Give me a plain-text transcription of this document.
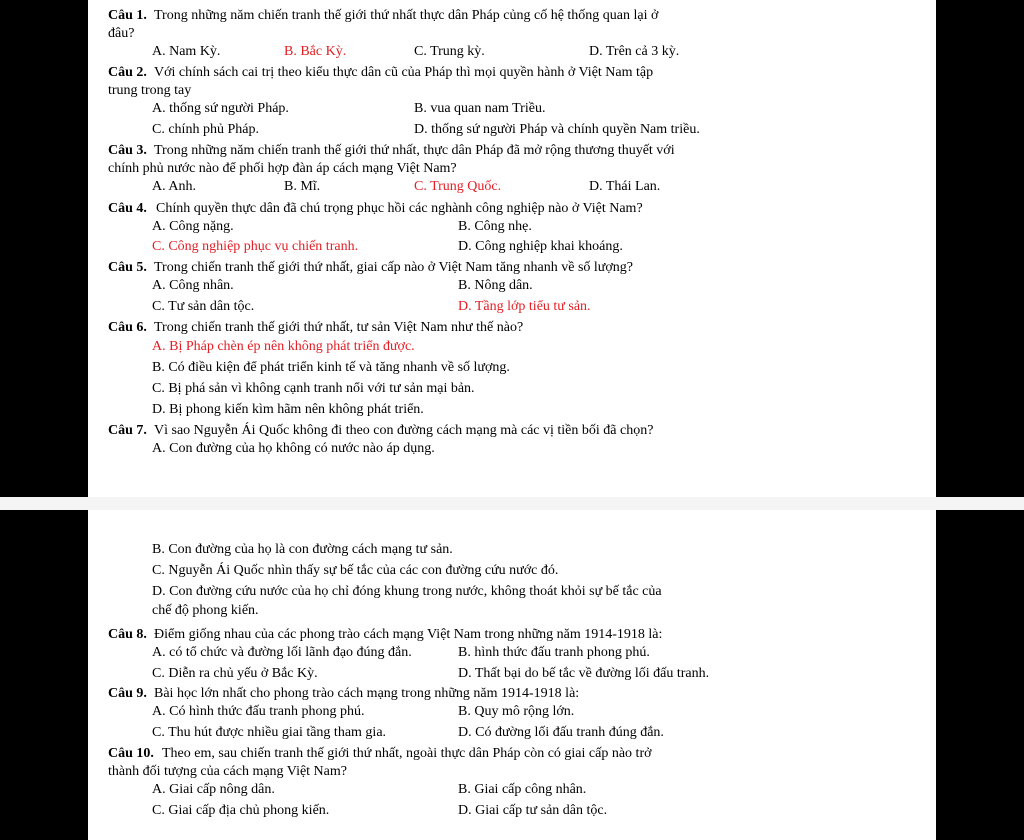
Câu 1. Trong những năm chiến tranh thế giới thứ nhất thực dân Pháp củng cố hệ thống quan lại ở
đâu?
A. Nam Kỳ.	B. Bắc Kỳ.	C. Trung kỳ.	D. Trên cả 3 kỳ.
Câu 2. Với chính sách cai trị theo kiểu thực dân cũ của Pháp thì mọi quyền hành ở Việt Nam tập
trung trong tay
A. thống sứ người Pháp.	B. vua quan nam Triều.
C. chính phủ Pháp.	D. thống sứ người Pháp và chính quyền Nam triều.
Câu 3. Trong những năm chiến tranh thế giới thứ nhất, thực dân Pháp đã mở rộng thương thuyết với
chính phủ nước nào để phối hợp đàn áp cách mạng Việt Nam?
A. Anh.	B. Mĩ.	C. Trung Quốc.	D. Thái Lan.
Câu 4. Chính quyền thực dân đã chú trọng phục hồi các nghành công nghiệp nào ở Việt Nam?
A. Công nặng.	B. Công nhẹ.
C. Công nghiệp phục vụ chiến tranh.	D. Công nghiệp khai khoáng.
Câu 5. Trong chiến tranh thế giới thứ nhất, giai cấp nào ở Việt Nam tăng nhanh về số lượng?
A. Công nhân.	B. Nông dân.
C. Tư sản dân tộc.	D. Tầng lớp tiểu tư sản.
Câu 6. Trong chiến tranh thế giới thứ nhất, tư sản Việt Nam như thế nào?
A. Bị Pháp chèn ép nên không phát triển được.
B. Có điều kiện để phát triển kinh tế và tăng nhanh về số lượng.
C. Bị phá sản vì không cạnh tranh nổi với tư sản mại bản.
D. Bị phong kiến kìm hãm nên không phát triển.
Câu 7. Vì sao Nguyễn Ái Quốc không đi theo con đường cách mạng mà các vị tiền bối đã chọn?
A. Con đường của họ không có nước nào áp dụng.
B. Con đường của họ là con đường cách mạng tư sản.
C. Nguyễn Ái Quốc nhìn thấy sự bế tắc của các con đường cứu nước đó.
D. Con đường cứu nước của họ chỉ đóng khung trong nước, không thoát khỏi sự bế tắc của
chế độ phong kiến.
Câu 8. Điểm giống nhau của các phong trào cách mạng Việt Nam trong những năm 1914-1918 là:
A. có tổ chức và đường lối lãnh đạo đúng đắn.	B. hình thức đấu tranh phong phú.
C. Diễn ra chủ yếu ở Bắc Kỳ.	D. Thất bại do bế tắc về đường lối đấu tranh.
Câu 9. Bài học lớn nhất cho phong trào cách mạng trong những năm 1914-1918 là:
A. Có hình thức đấu tranh phong phú.	B. Quy mô rộng lớn.
C. Thu hút được nhiều giai tầng tham gia.	D. Có đường lối đấu tranh đúng đắn.
Câu 10. Theo em, sau chiến tranh thế giới thứ nhất, ngoài thực dân Pháp còn có giai cấp nào trở
thành đối tượng của cách mạng Việt Nam?
A. Giai cấp nông dân.	B. Giai cấp công nhân.
C. Giai cấp địa chủ phong kiến.	D. Giai cấp tư sản dân tộc.
